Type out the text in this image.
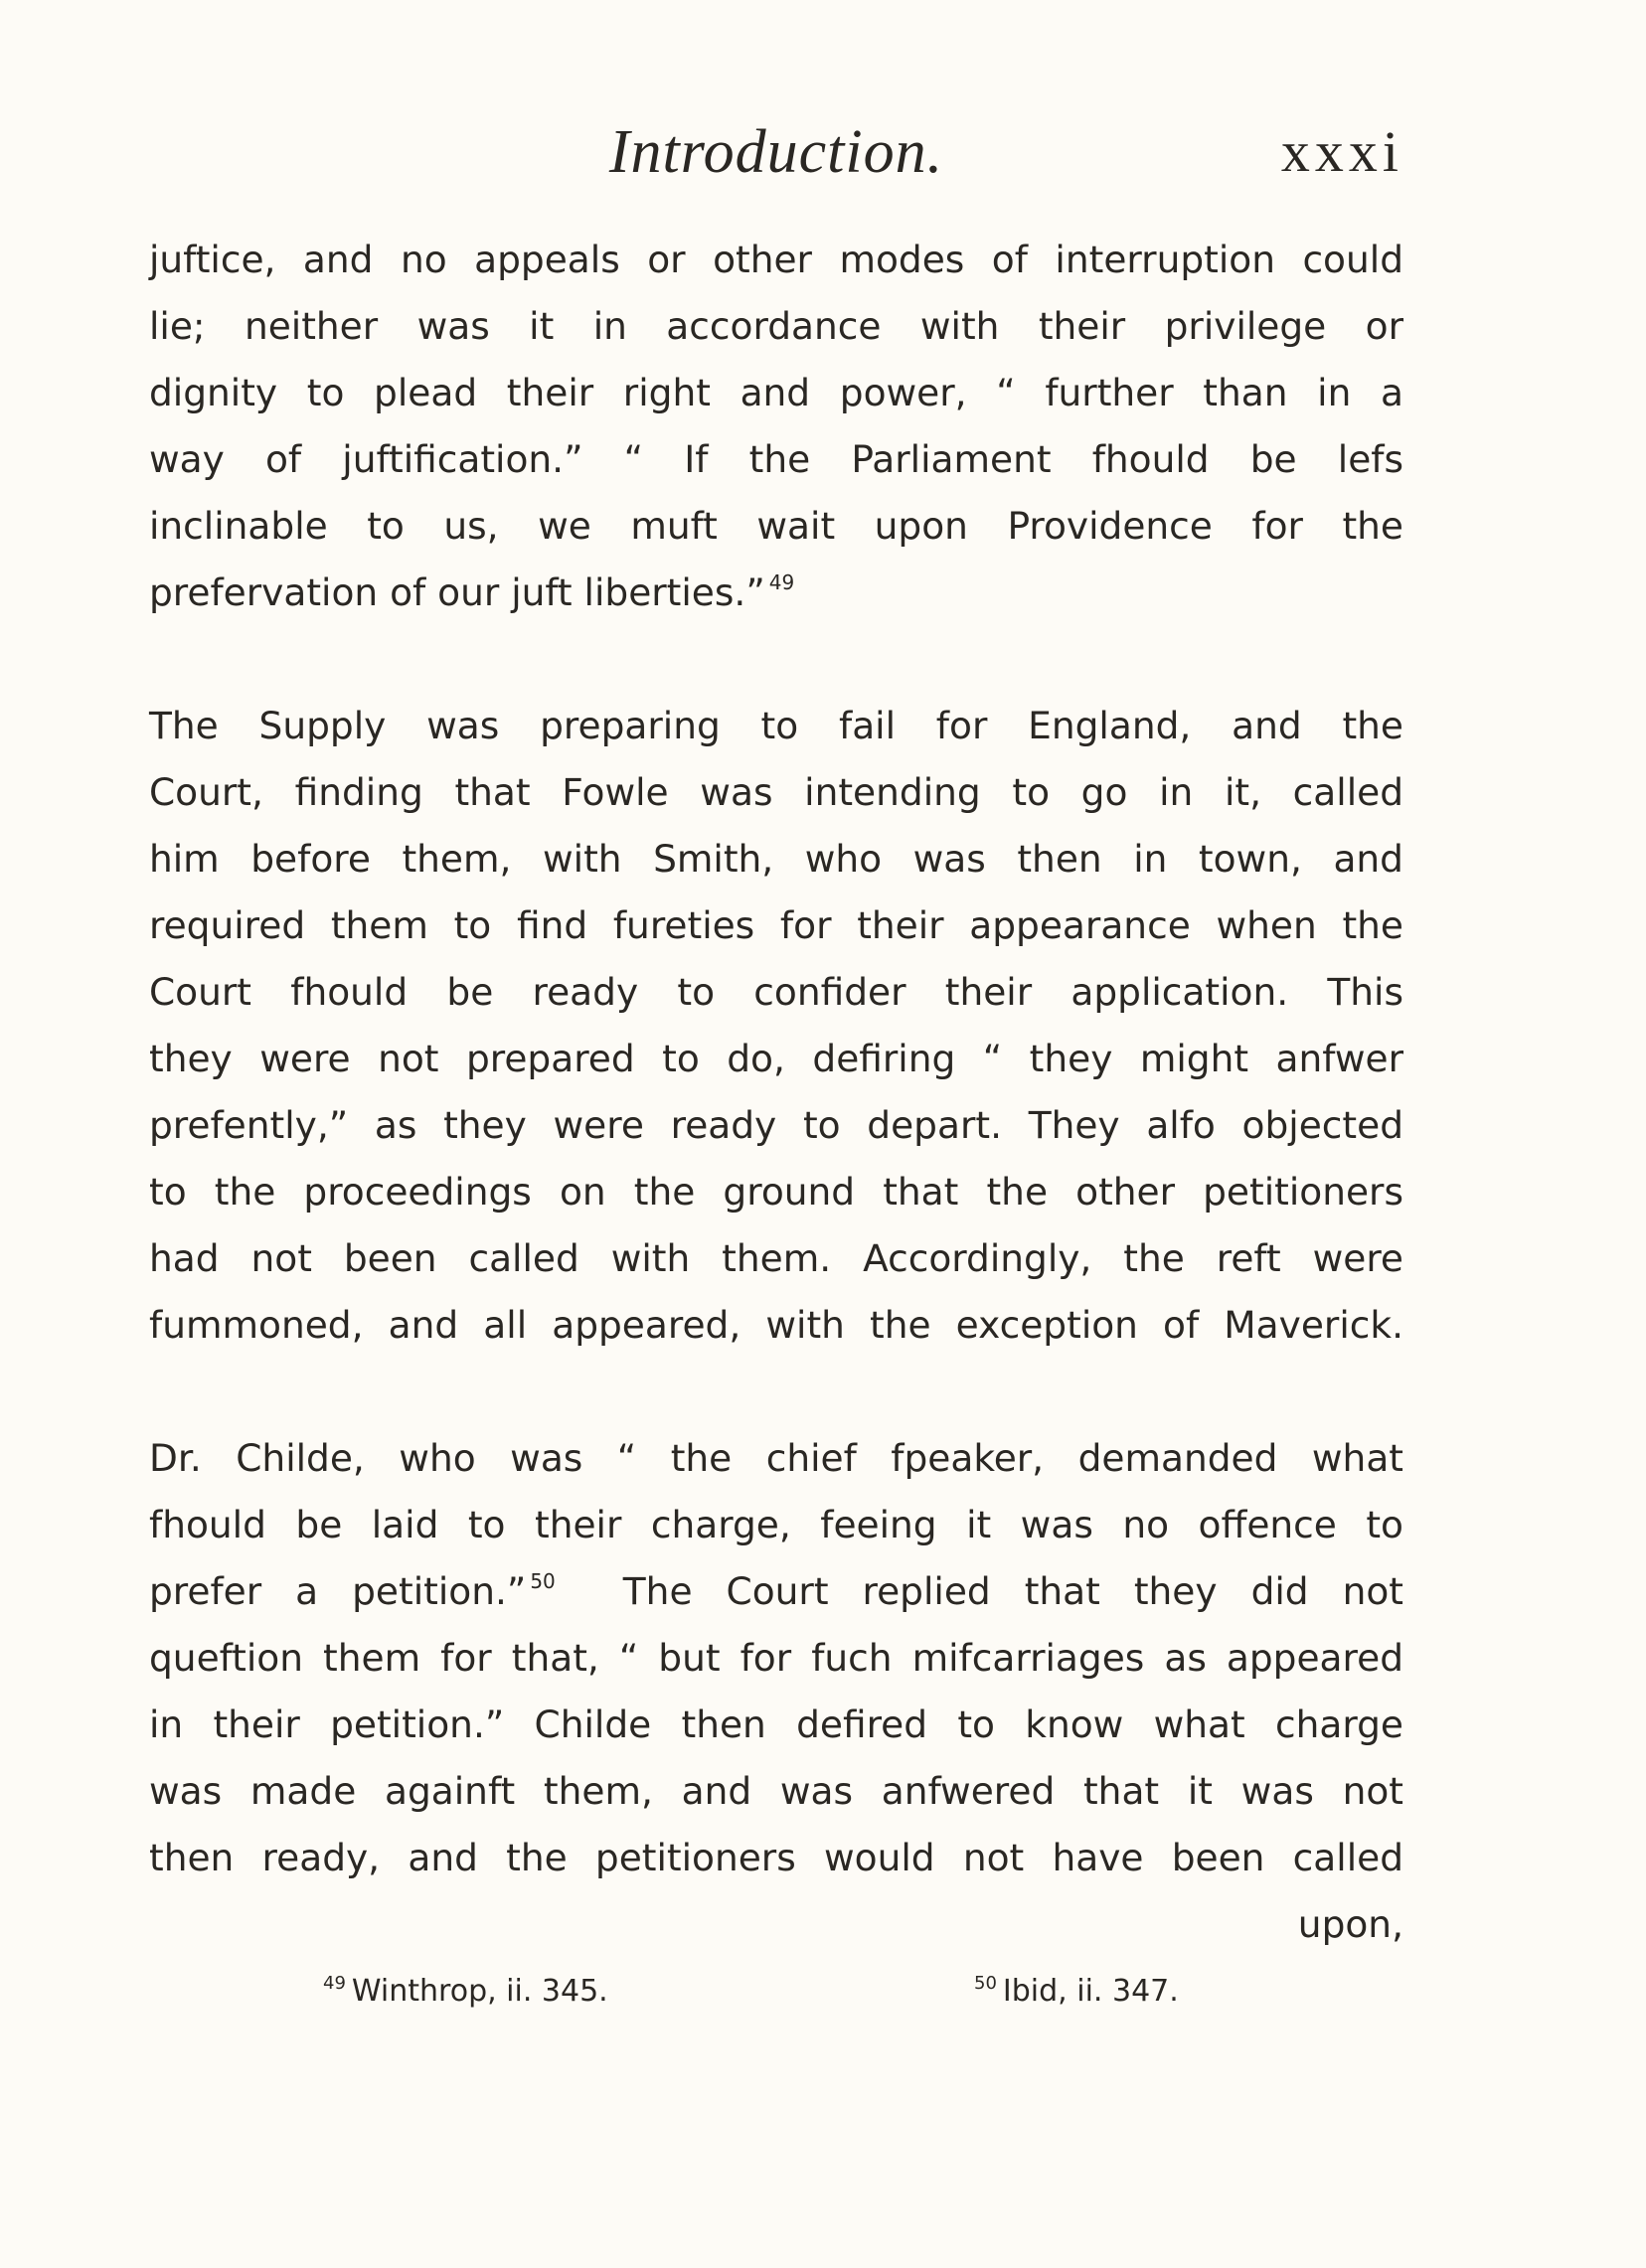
Introduction.	xxxi

juftice, and no appeals or other modes of interruption could
lie; neither was it in accordance with their privilege or
dignity to plead their right and power, “ further than in a
way of juftification.” “ If the Parliament fhould be lefs
inclinable to us, we muft wait upon Providence for the
prefervation of our juft liberties.” $^{49}$

The Supply was preparing to fail for England, and the
Court, finding that Fowle was intending to go in it, called
him before them, with Smith, who was then in town, and
required them to find fureties for their appearance when the
Court fhould be ready to confider their application. This
they were not prepared to do, defiring “ they might anfwer
prefently,” as they were ready to depart. They alfo objected
to the proceedings on the ground that the other petitioners
had not been called with them. Accordingly, the reft were
fummoned, and all appeared, with the exception of Maverick.

Dr. Childe, who was “ the chief fpeaker, demanded what
fhould be laid to their charge, feeing it was no offence to
prefer a petition.” $^{50}$ The Court replied that they did not
queftion them for that, “ but for fuch mifcarriages as appeared
in their petition.” Childe then defired to know what charge
was made againft them, and was anfwered that it was not
then ready, and the petitioners would not have been called
upon,

$^{49}$ Winthrop, ii. 345.	$^{50}$ Ibid, ii. 347.
